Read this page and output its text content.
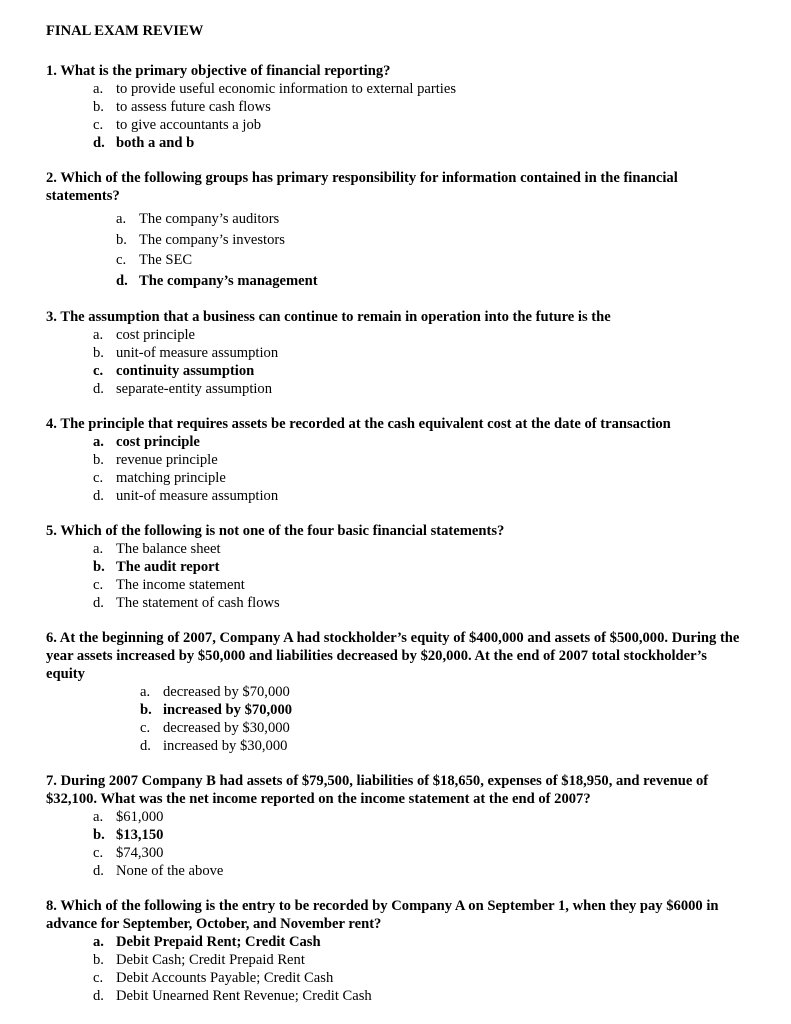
FINAL EXAM REVIEW
1. What is the primary objective of financial reporting?
a. to provide useful economic information to external parties
b. to assess future cash flows
c. to give accountants a job
d. both a and b
2. Which of the following groups has primary responsibility for information contained in the financial statements?
a. The company’s auditors
b. The company’s investors
c. The SEC
d. The company’s management
3. The assumption that a business can continue to remain in operation into the future is the
a. cost principle
b. unit-of measure assumption
c. continuity assumption
d. separate-entity assumption
4. The principle that requires assets be recorded at the cash equivalent cost at the date of transaction
a. cost principle
b. revenue principle
c. matching principle
d. unit-of measure assumption
5. Which of the following is not one of the four basic financial statements?
a. The balance sheet
b. The audit report
c. The income statement
d. The statement of cash flows
6. At the beginning of 2007, Company A had stockholder’s equity of $400,000 and assets of $500,000. During the year assets increased by $50,000 and liabilities decreased by $20,000. At the end of 2007 total stockholder’s equity
a. decreased by $70,000
b. increased by $70,000
c. decreased by $30,000
d. increased by $30,000
7. During 2007 Company B had assets of $79,500, liabilities of $18,650, expenses of $18,950, and revenue of $32,100. What was the net income reported on the income statement at the end of 2007?
a. $61,000
b. $13,150
c. $74,300
d. None of the above
8. Which of the following is the entry to be recorded by Company A on September 1, when they pay $6000 in advance for September, October, and November rent?
a. Debit Prepaid Rent; Credit Cash
b. Debit Cash; Credit Prepaid Rent
c. Debit Accounts Payable; Credit Cash
d. Debit Unearned Rent Revenue; Credit Cash
